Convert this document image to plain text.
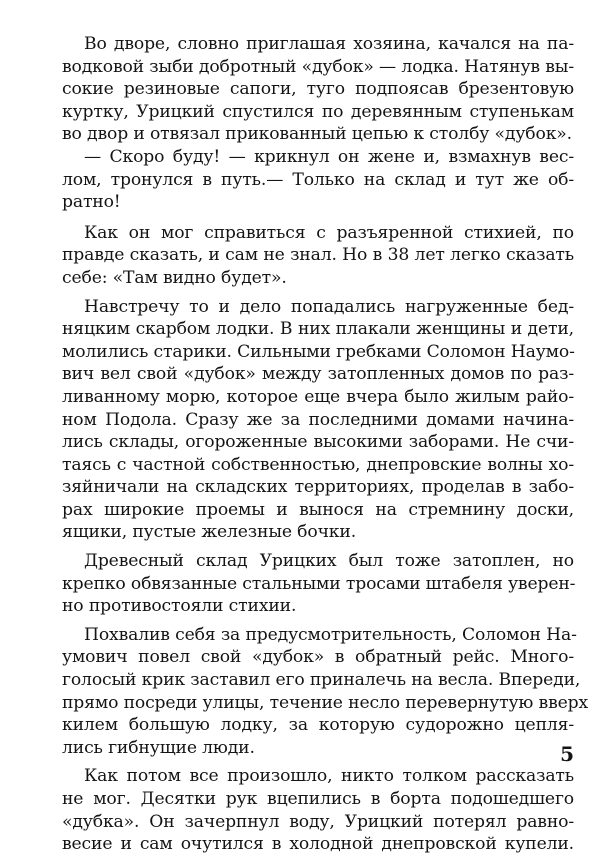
Во дворе, словно приглашая хозяина, качался на па-
водковой зыби добротный «дубок» — лодка. Натянув вы-
сокие резиновые сапоги, туго подпоясав брезентовую
куртку, Урицкий спустился по деревянным ступенькам
во двор и отвязал прикованный цепью к столбу «дубок».

— Скоро буду! — крикнул он жене и, взмахнув вес-
лом, тронулся в путь.— Только на склад и тут же об-
ратно!

Как он мог справиться с разъяренной стихией, по
правде сказать, и сам не знал. Но в 38 лет легко сказать
себе: «Там видно будет».

Навстречу то и дело попадались нагруженные бед-
няцким скарбом лодки. В них плакали женщины и дети,
молились старики. Сильными гребками Соломон Наумо-
вич вел свой «дубок» между затопленных домов по раз-
ливанному морю, которое еще вчера было жилым райо-
ном Подола. Сразу же за последними домами начина-
лись склады, огороженные высокими заборами. Не счи-
таясь с частной собственностью, днепровские волны хо-
зяйничали на складских территориях, проделав в забо-
рах широкие проемы и вынося на стремнину доски,
ящики, пустые железные бочки.

Древесный склад Урицких был тоже затоплен, но
крепко обвязанные стальными тросами штабеля уверен-
но противостояли стихии.

Похвалив себя за предусмотрительность, Соломон На-
умович повел свой «дубок» в обратный рейс. Много-
голосый крик заставил его приналечь на весла. Впереди,
прямо посреди улицы, течение несло перевернутую вверх
килем большую лодку, за которую судорожно цепля-
лись гибнущие люди.

Как потом все произошло, никто толком рассказать
не мог. Десятки рук вцепились в борта подошедшего
«дубка». Он зачерпнул воду, Урицкий потерял равно-
весие и сам очутился в холодной днепровской купели.

5
